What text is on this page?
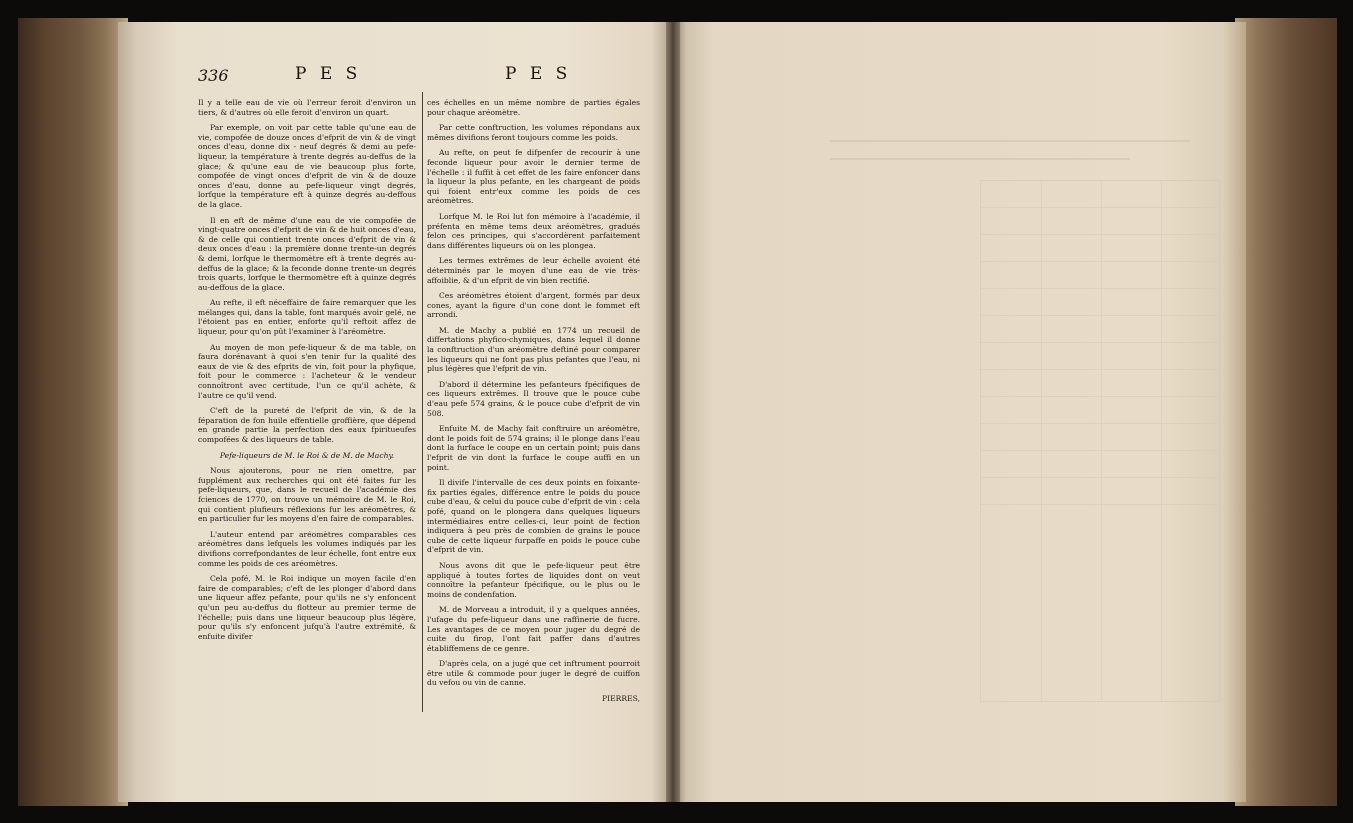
336	P E S	P E S

Il y a telle eau de vie où l'erreur feroit d'environ un tiers, & d'autres où elle feroit d'environ un quart.

Par exemple, on voit par cette table qu'une eau de vie, compofée de douze onces d'efprit de vin & de vingt onces d'eau, donne dix - neuf degrés & demi au pefe-liqueur, la température à trente degrés au-deffus de la glace; & qu'une eau de vie beaucoup plus forte, compofée de vingt onces d'efprit de vin & de douze onces d'eau, donne au pefe-liqueur vingt degrés, lorfque la température eft à quinze degrés au-deffous de la glace.

Il en eft de même d'une eau de vie compofée de vingt-quatre onces d'efprit de vin & de huit onces d'eau, & de celle qui contient trente onces d'efprit de vin & deux onces d'eau : la première donne trente-un degrés & demi, lorfque le thermomètre eft à trente degrés au-deffus de la glace; & la feconde donne trente-un degrés trois quarts, lorfque le thermomètre eft à quinze degrés au-deffous de la glace.

Au refte, il eft néceffaire de faire remarquer que les mélanges qui, dans la table, font marqués avoir gelé, ne l'étoient pas en entier, enforte qu'il reftoit affez de liqueur, pour qu'on pût l'examiner à l'aréomètre.

Au moyen de mon pefe-liqueur & de ma table, on faura dorénavant à quoi s'en tenir fur la qualité des eaux de vie & des efprits de vin, foit pour la phyfique, foit pour le commerce : l'acheteur & le vendeur connoîtront avec certitude, l'un ce qu'il achète, & l'autre ce qu'il vend.

C'eft de la pureté de l'efprit de vin, & de la féparation de fon huile effentielle groffière, que dépend en grande partie la perfection des eaux fpiritueufes compofées & des liqueurs de table.

Pefe-liqueurs de M. le Roi & de M. de Machy.

Nous ajouterons, pour ne rien omettre, par fupplément aux recherches qui ont été faites fur les pefe-liqueurs, que, dans le recueil de l'académie des fciences de 1770, on trouve un mémoire de M. le Roi, qui contient plufieurs réflexions fur les aréomètres, & en particulier fur les moyens d'en faire de comparables.

L'auteur entend par aréomètres comparables ces aréomètres dans lefquels les volumes indiqués par les divifions correfpondantes de leur échelle, font entre eux comme les poids de ces aréomètres.

Cela pofé, M. le Roi indique un moyen facile d'en faire de comparables; c'eft de les plonger d'abord dans une liqueur affez pefante, pour qu'ils ne s'y enfoncent qu'un peu au-deffus du flotteur au premier terme de l'échelle; puis dans une liqueur beaucoup plus légère, pour qu'ils s'y enfoncent jufqu'à l'autre extrémité, & enfuite divifer

ces échelles en un même nombre de parties égales pour chaque aréomètre.

Par cette conftruction, les volumes répondans aux mêmes divifions feront toujours comme les poids.

Au refte, on peut fe difpenfer de recourir à une feconde liqueur pour avoir le dernier terme de l'échelle : il fuffit à cet effet de les faire enfoncer dans la liqueur la plus pefante, en les chargeant de poids qui foient entr'eux comme les poids de ces aréomètres.

Lorfque M. le Roi lut fon mémoire à l'académie, il préfenta en même tems deux aréomètres, gradués felon ces principes, qui s'accordèrent parfaitement dans différentes liqueurs où on les plongea.

Les termes extrêmes de leur échelle avoient été déterminés par le moyen d'une eau de vie très-affoiblie, & d'un efprit de vin bien rectifié.

Ces aréomètres étoient d'argent, formés par deux cones, ayant la figure d'un cone dont le fommet eft arrondi.

M. de Machy a publié en 1774 un recueil de differtations phyfico-chymiques, dans lequel il donne la conftruction d'un aréomètre deftiné pour comparer les liqueurs qui ne font pas plus pefantes que l'eau, ni plus légères que l'efprit de vin.

D'abord il détermine les pefanteurs fpécifiques de ces liqueurs extrêmes. Il trouve que le pouce cube d'eau pefe 574 grains, & le pouce cube d'efprit de vin 508.

Enfuite M. de Machy fait conftruire un aréomètre, dont le poids foit de 574 grains; il le plonge dans l'eau dont la furface le coupe en un certain point; puis dans l'efprit de vin dont la furface le coupe auffi en un point.

Il divife l'intervalle de ces deux points en foixante-fix parties égales, différence entre le poids du pouce cube d'eau, & celui du pouce cube d'efprit de vin : cela pofé, quand on le plongera dans quelques liqueurs intermédiaires entre celles-ci, leur point de fection indiquera à peu près de combien de grains le pouce cube de cette liqueur furpaffe en poids le pouce cube d'efprit de vin.

Nous avons dit que le pefe-liqueur peut être appliqué à toutes fortes de liquides dont on veut connoître la pefanteur fpécifique, ou le plus ou le moins de condenfation.

M. de Morveau a introduit, il y a quelques années, l'ufage du pefe-liqueur dans une raffinerie de fucre. Les avantages de ce moyen pour juger du degré de cuite du firop, l'ont fait paffer dans d'autres établiffemens de ce genre.

D'après cela, on a jugé que cet inftrument pourroit être utile & commode pour juger le degré de cuiffon du vefou ou vin de canne.

PIERRES,
